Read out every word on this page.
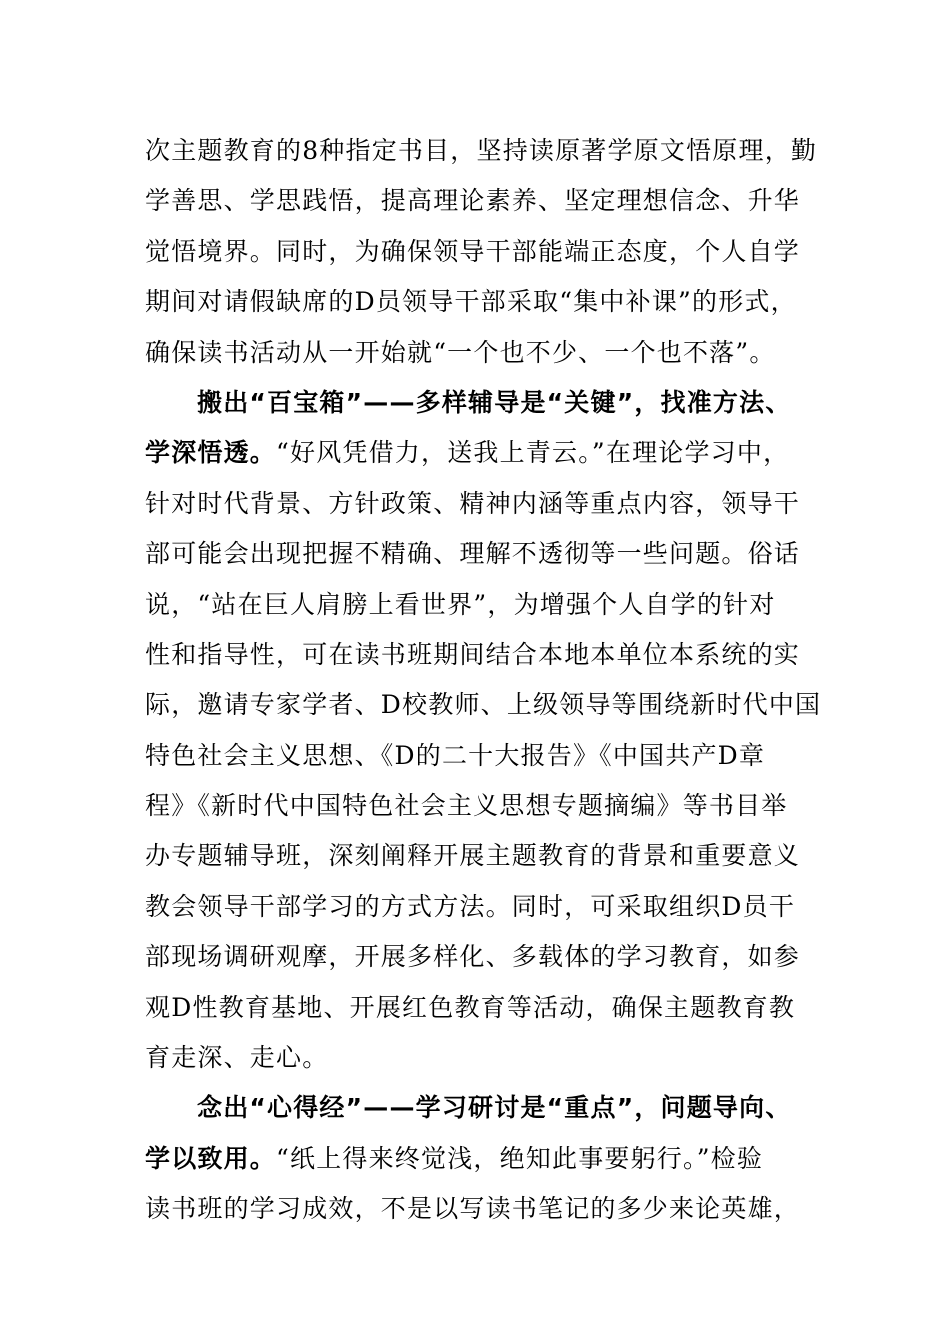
次主题教育的8种指定书目，坚持读原著学原文悟原理，勤
学善思、学思践悟，提高理论素养、坚定理想信念、升华
觉悟境界。同时，为确保领导干部能端正态度，个人自学
期间对请假缺席的D员领导干部采取“集中补课”的形式，
确保读书活动从一开始就“一个也不少、一个也不落”。
搬出“百宝箱”——多样辅导是“关键”，找准方法、
学深悟透。“好风凭借力，送我上青云。”在理论学习中，
针对时代背景、方针政策、精神内涵等重点内容，领导干
部可能会出现把握不精确、理解不透彻等一些问题。俗话
说，“站在巨人肩膀上看世界”，为增强个人自学的针对
性和指导性，可在读书班期间结合本地本单位本系统的实
际，邀请专家学者、D校教师、上级领导等围绕新时代中国
特色社会主义思想、《D的二十大报告》《中国共产D章
程》《新时代中国特色社会主义思想专题摘编》等书目举
办专题辅导班，深刻阐释开展主题教育的背景和重要意义
教会领导干部学习的方式方法。同时，可采取组织D员干
部现场调研观摩，开展多样化、多载体的学习教育，如参
观D性教育基地、开展红色教育等活动，确保主题教育教
育走深、走心。
念出“心得经”——学习研讨是“重点”，问题导向、
学以致用。“纸上得来终觉浅，绝知此事要躬行。”检验
读书班的学习成效，不是以写读书笔记的多少来论英雄，
